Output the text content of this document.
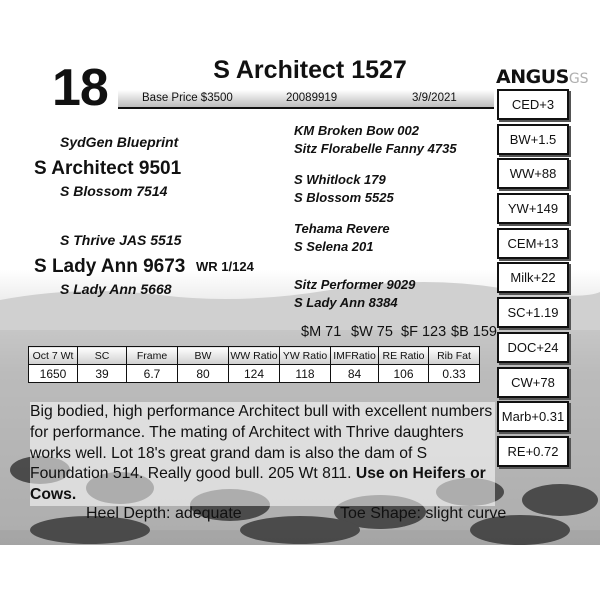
18	S Architect 1527
Base Price $3500	20089919	3/9/2021
ANGUSGS
CED+3
BW+1.5
WW+88
YW+149
CEM+13
Milk+22
SC+1.19
DOC+24
CW+78
Marb+0.31
RE+0.72
SydGen Blueprint
S Architect 9501
S Blossom 7514
S Thrive JAS 5515
S Lady Ann 9673 WR 1/124
S Lady Ann 5668
KM Broken Bow 002
Sitz Florabelle Fanny 4735
S Whitlock 179
S Blossom 5525
Tehama Revere
S Selena 201
Sitz Performer 9029
S Lady Ann 8384
$M 71 $W 75 $F 123 $B 159
Oct 7 Wt	SC	Frame	BW	WW Ratio	YW Ratio	IMFRatio	RE Ratio	Rib Fat
1650	39	6.7	80	124	118	84	106	0.33
Big bodied, high performance Architect bull with excellent numbers for performance. The mating of Architect with Thrive daughters works well. Lot 18's great grand dam is also the dam of S Foundation 514. Really good bull. 205 Wt 811. Use on Heifers or Cows.
Heel Depth: adequate	Toe Shape: slight curve
